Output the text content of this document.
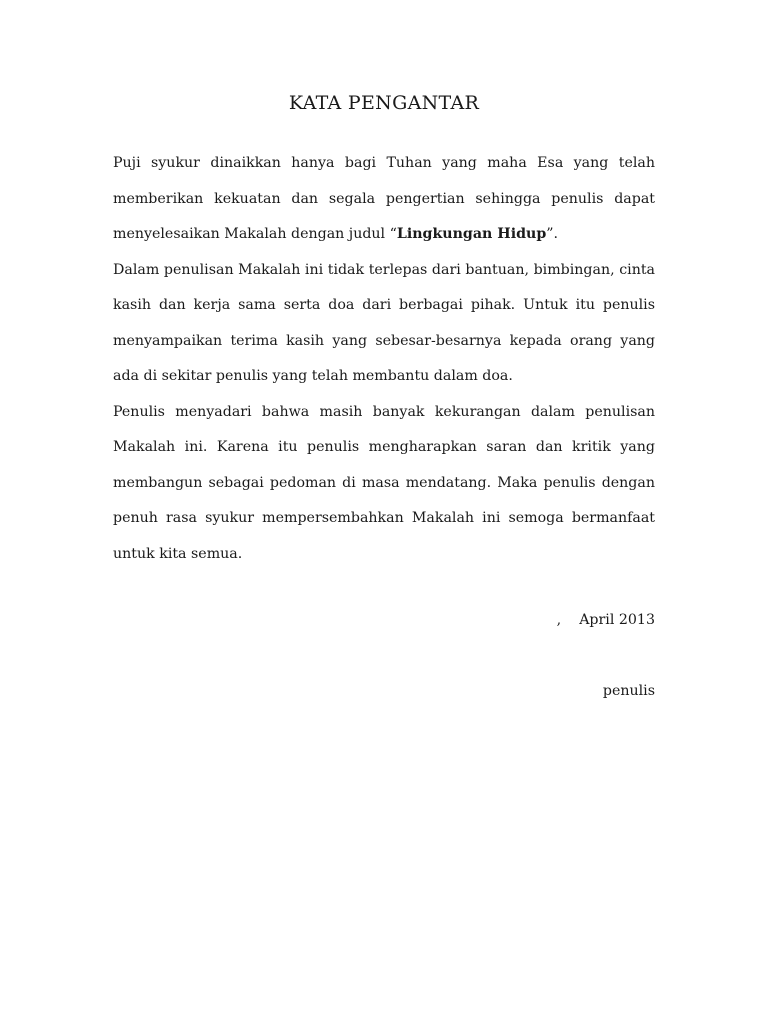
KATA PENGANTAR

Puji syukur dinaikkan hanya bagi Tuhan yang maha Esa yang telah memberikan kekuatan dan segala pengertian sehingga penulis dapat menyelesaikan Makalah dengan judul “Lingkungan Hidup”.

Dalam penulisan Makalah ini tidak terlepas dari bantuan, bimbingan, cinta kasih dan kerja sama serta doa dari berbagai pihak. Untuk itu penulis menyampaikan terima kasih yang sebesar-besarnya kepada orang yang ada di sekitar penulis yang telah membantu dalam doa.

Penulis menyadari bahwa masih banyak kekurangan dalam penulisan Makalah ini. Karena itu penulis mengharapkan saran dan kritik yang membangun sebagai pedoman di masa mendatang. Maka penulis dengan penuh rasa syukur mempersembahkan Makalah ini semoga bermanfaat untuk kita semua.

,    April 2013
penulis
